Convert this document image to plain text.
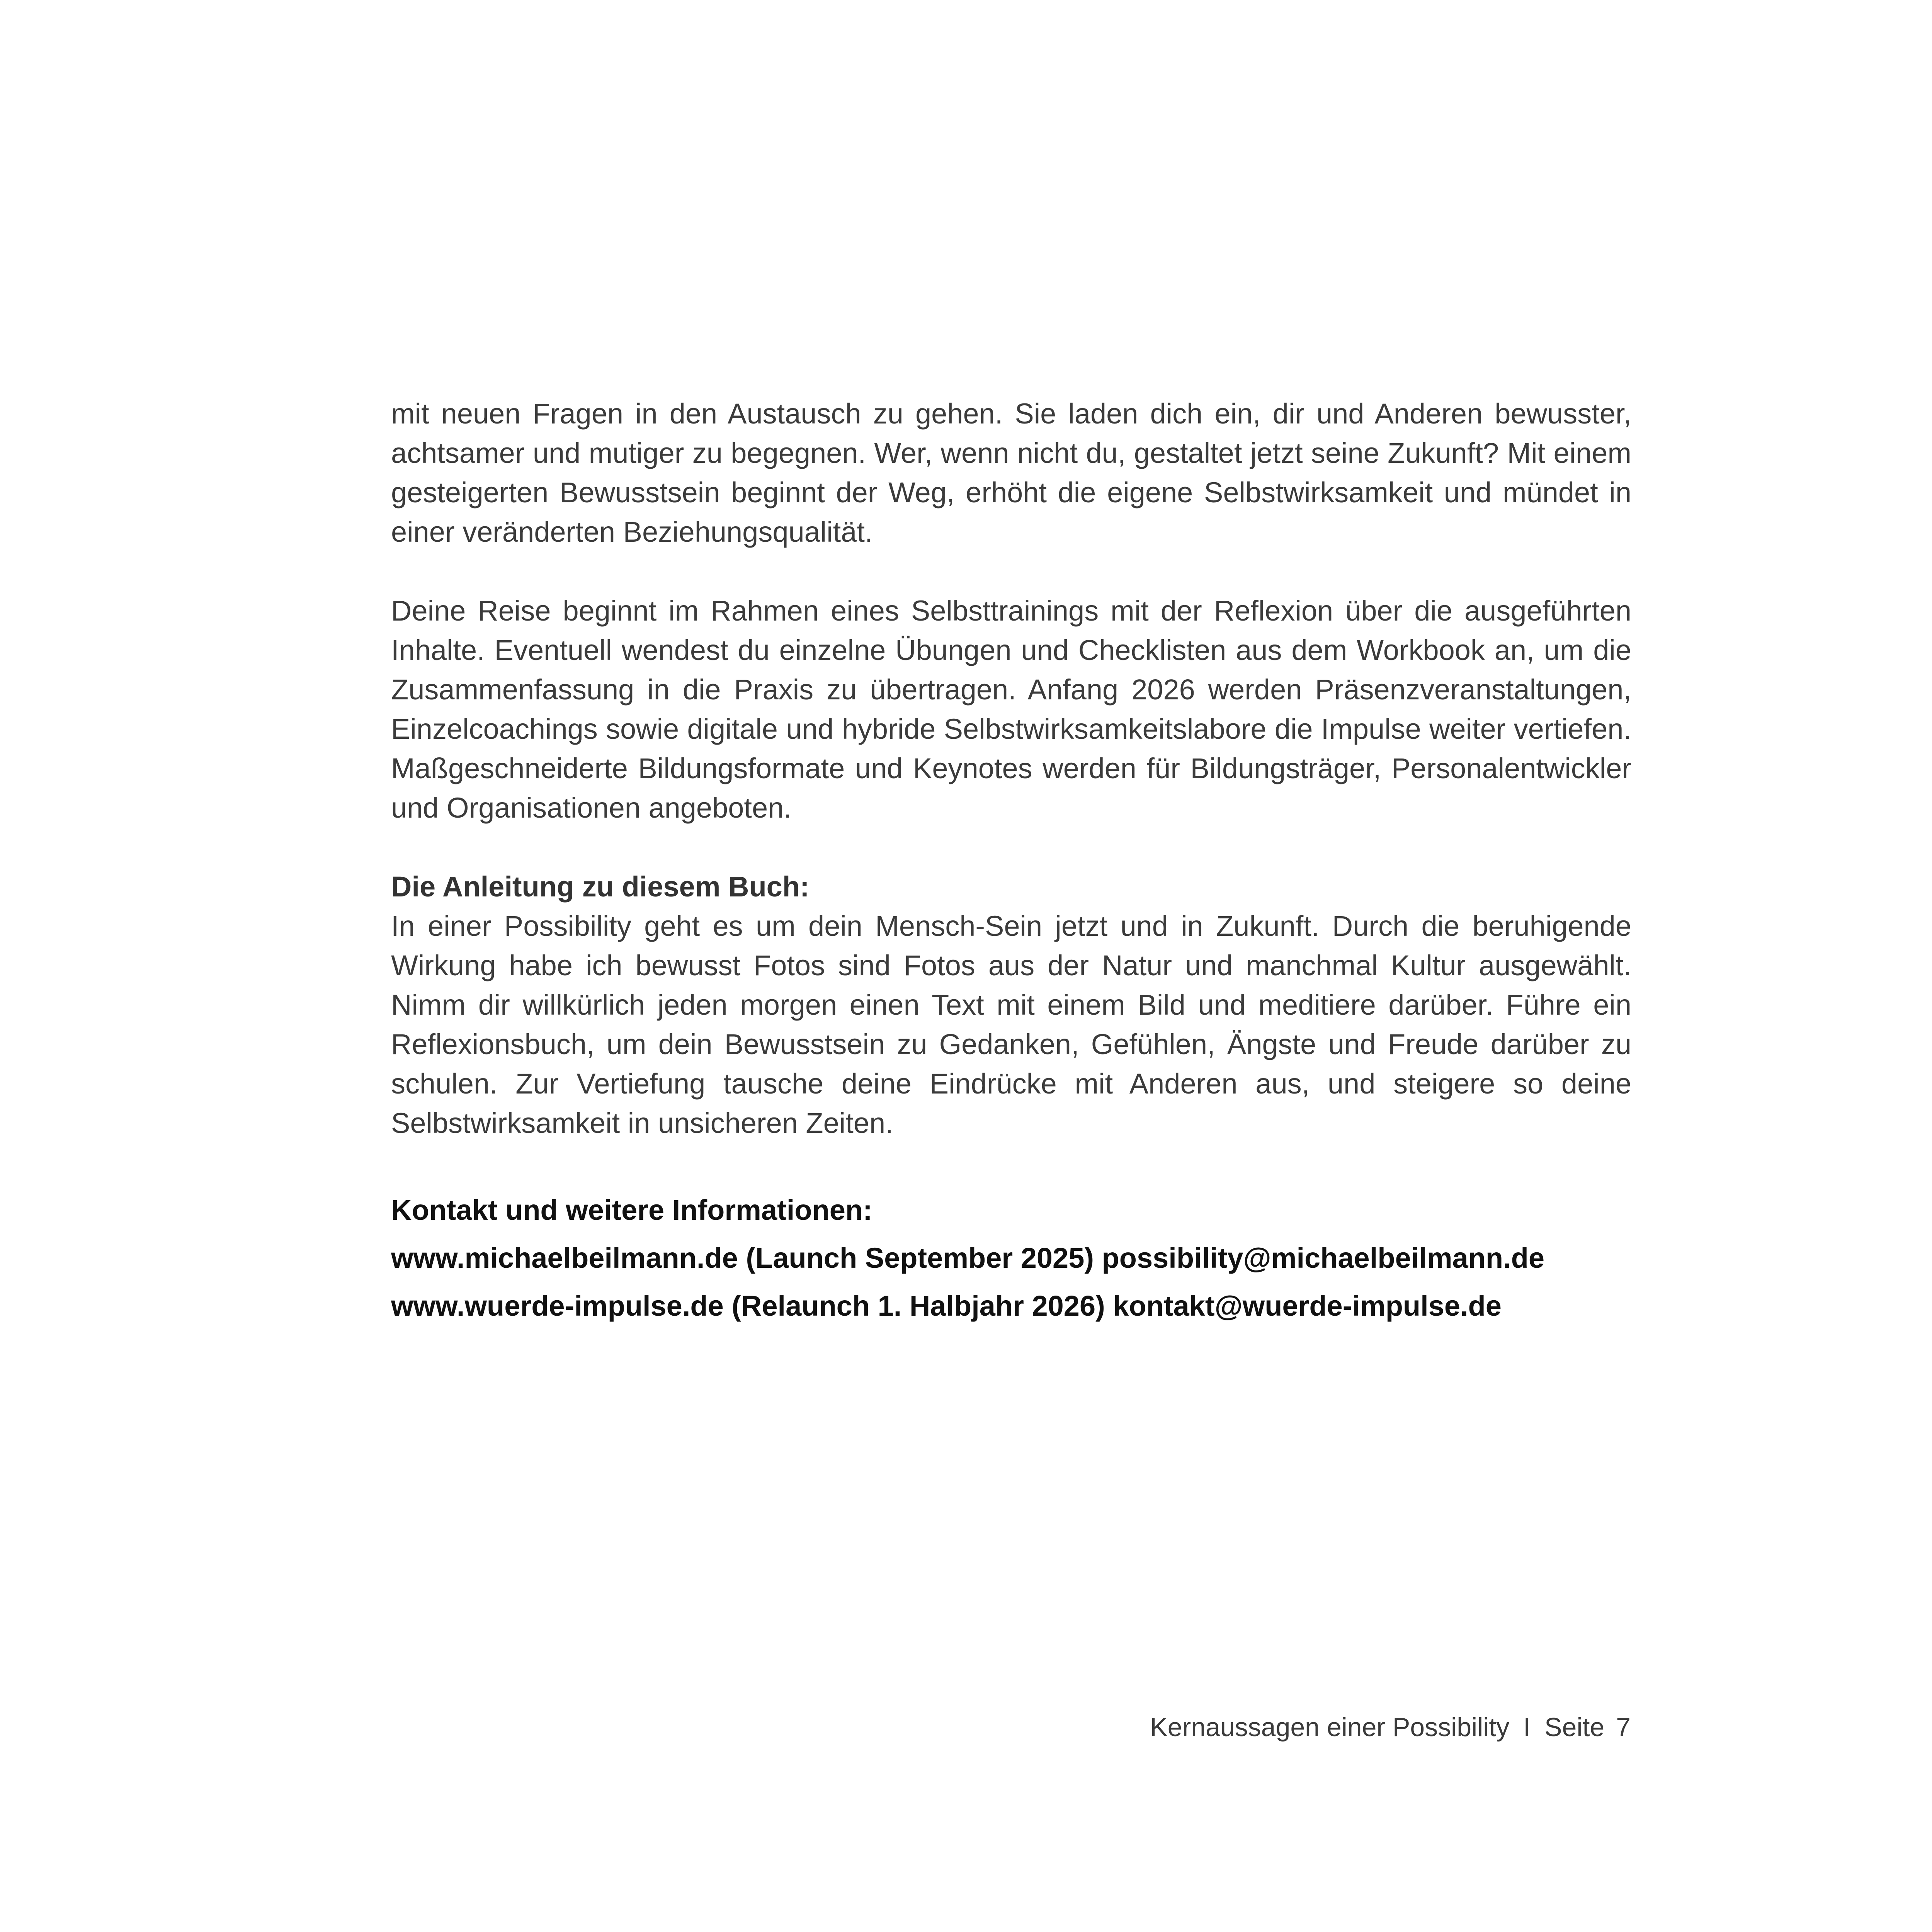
mit neuen Fragen in den Austausch zu gehen. Sie laden dich ein, dir und Anderen bewusster, achtsamer und mutiger zu begegnen. Wer, wenn nicht du, gestaltet jetzt seine Zukunft? Mit einem gesteigerten Bewusstsein beginnt der Weg, erhöht die eigene Selbstwirksamkeit und mündet in einer veränderten Beziehungsqualität.

Deine Reise beginnt im Rahmen eines Selbsttrainings mit der Reflexion über die ausgeführten Inhalte. Eventuell wendest du einzelne Übungen und Checklisten aus dem Workbook an, um die Zusammenfassung in die Praxis zu übertragen. Anfang 2026 werden Präsenzveranstaltungen, Einzelcoachings sowie digitale und hybride Selbstwirksamkeitslabore die Impulse weiter vertiefen. Maßgeschneiderte Bildungsformate und Keynotes werden für Bildungsträger, Personalentwickler und Organisationen angeboten.

Die Anleitung zu diesem Buch:

In einer Possibility geht es um dein Mensch-Sein jetzt und in Zukunft. Durch die beruhigende Wirkung habe ich bewusst Fotos sind Fotos aus der Natur und manchmal Kultur ausgewählt. Nimm dir willkürlich jeden morgen einen Text mit einem Bild und meditiere darüber. Führe ein Reflexionsbuch, um dein Bewusstsein zu Gedanken, Gefühlen, Ängste und Freude darüber zu schulen. Zur Vertiefung tausche deine Eindrücke mit Anderen aus, und steigere so deine Selbstwirksamkeit in unsicheren Zeiten.

Kontakt und weitere Informationen:

www.michaelbeilmann.de (Launch September 2025) possibility@michaelbeilmann.de

www.wuerde-impulse.de (Relaunch 1. Halbjahr 2026) kontakt@wuerde-impulse.de

Kernaussagen einer Possibility I Seite 7
